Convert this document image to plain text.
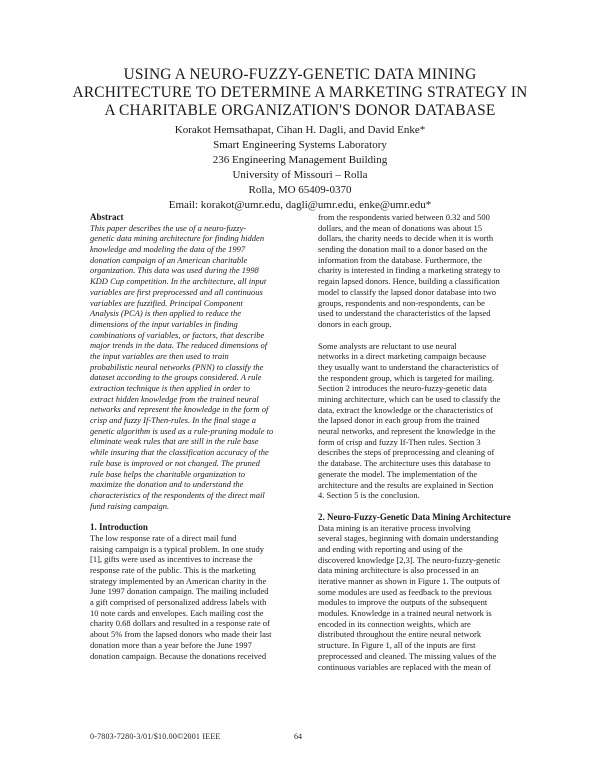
USING A NEURO-FUZZY-GENETIC DATA MINING
ARCHITECTURE TO DETERMINE A MARKETING STRATEGY IN
A CHARITABLE ORGANIZATION'S DONOR DATABASE
Korakot Hemsathapat, Cihan H. Dagli, and David Enke*
Smart Engineering Systems Laboratory
236 Engineering Management Building
University of Missouri – Rolla
Rolla, MO 65409-0370
Email: korakot@umr.edu, dagli@umr.edu, enke@umr.edu*
Abstract
This paper describes the use of a neuro-fuzzy-
genetic data mining architecture for finding hidden
knowledge and modeling the data of the 1997
donation campaign of an American charitable
organization. This data was used during the 1998
KDD Cup competition. In the architecture, all input
variables are first preprocessed and all continuous
variables are fuzzified. Principal Component
Analysis (PCA) is then applied to reduce the
dimensions of the input variables in finding
combinations of variables, or factors, that describe
major trends in the data. The reduced dimensions of
the input variables are then used to train
probabilistic neural networks (PNN) to classify the
dataset according to the groups considered. A rule
extraction technique is then applied in order to
extract hidden knowledge from the trained neural
networks and represent the knowledge in the form of
crisp and fuzzy If-Then-rules. In the final stage a
genetic algorithm is used as a rule-pruning module to
eliminate weak rules that are still in the rule base
while insuring that the classification accuracy of the
rule base is improved or not changed. The pruned
rule base helps the charitable organization to
maximize the donation and to understand the
characteristics of the respondents of the direct mail
fund raising campaign.
1. Introduction
The low response rate of a direct mail fund
raising campaign is a typical problem. In one study
[1], gifts were used as incentives to increase the
response rate of the public. This is the marketing
strategy implemented by an American charity in the
June 1997 donation campaign. The mailing included
a gift comprised of personalized address labels with
10 note cards and envelopes. Each mailing cost the
charity 0.68 dollars and resulted in a response rate of
about 5% from the lapsed donors who made their last
donation more than a year before the June 1997
donation campaign. Because the donations received
from the respondents varied between 0.32 and 500
dollars, and the mean of donations was about 15
dollars, the charity needs to decide when it is worth
sending the donation mail to a donor based on the
information from the database. Furthermore, the
charity is interested in finding a marketing strategy to
regain lapsed donors. Hence, building a classification
model to classify the lapsed donor database into two
groups, respondents and non-respondents, can be
used to understand the characteristics of the lapsed
donors in each group.
Some analysts are reluctant to use neural
networks in a direct marketing campaign because
they usually want to understand the characteristics of
the respondent group, which is targeted for mailing.
Section 2 introduces the neuro-fuzzy-genetic data
mining architecture, which can be used to classify the
data, extract the knowledge or the characteristics of
the lapsed donor in each group from the trained
neural networks, and represent the knowledge in the
form of crisp and fuzzy If-Then rules. Section 3
describes the steps of preprocessing and cleaning of
the database. The architecture uses this database to
generate the model. The implementation of the
architecture and the results are explained in Section
4. Section 5 is the conclusion.
2. Neuro-Fuzzy-Genetic Data Mining Architecture
Data mining is an iterative process involving
several stages, beginning with domain understanding
and ending with reporting and using of the
discovered knowledge [2,3]. The neuro-fuzzy-genetic
data mining architecture is also processed in an
iterative manner as shown in Figure 1. The outputs of
some modules are used as feedback to the previous
modules to improve the outputs of the subsequent
modules. Knowledge in a trained neural network is
encoded in its connection weights, which are
distributed throughout the entire neural network
structure. In Figure 1, all of the inputs are first
preprocessed and cleaned. The missing values of the
continuous variables are replaced with the mean of
0-7803-7280-3/01/$10.00©2001 IEEE	64
